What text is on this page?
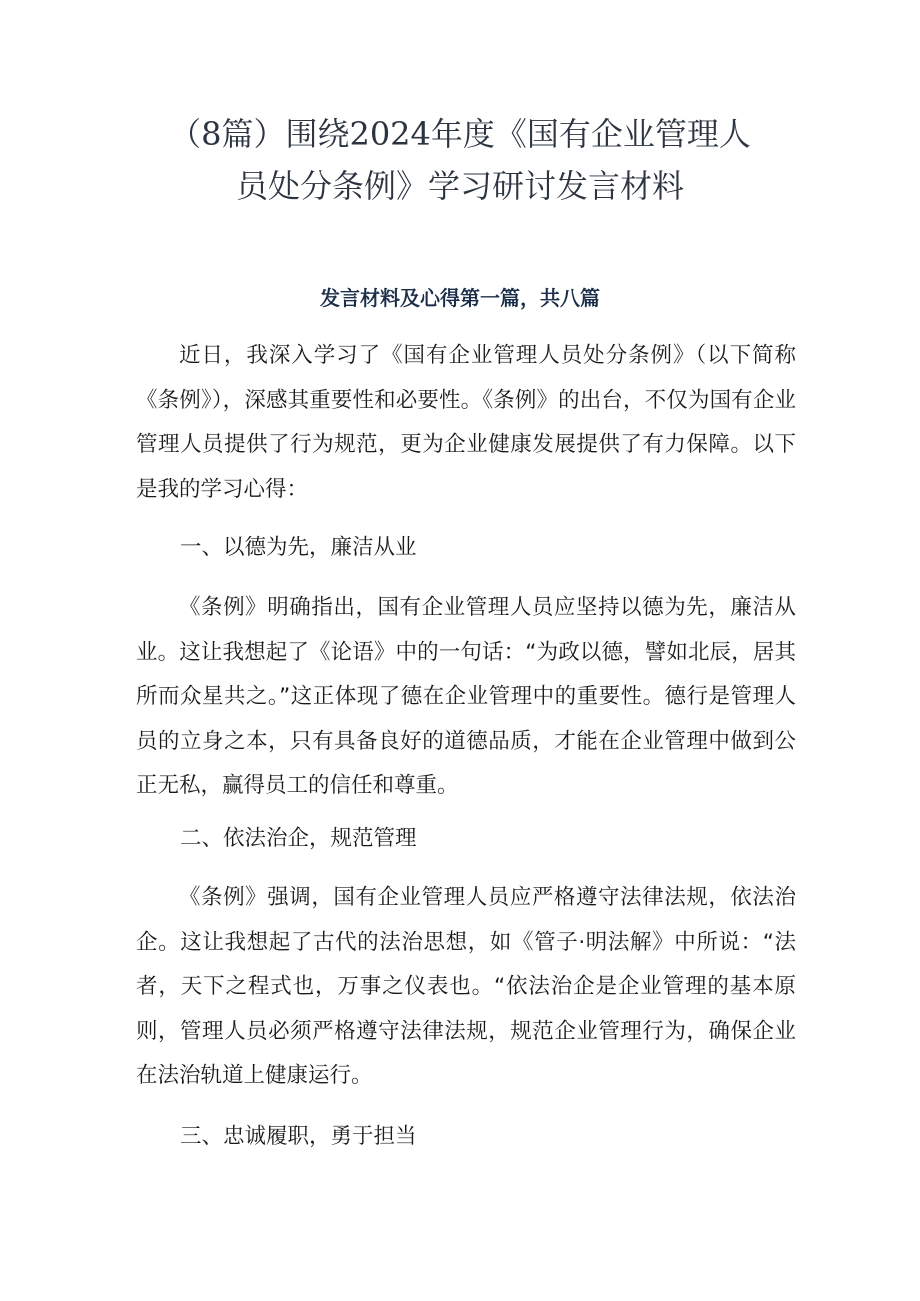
（8篇）围绕2024年度《国有企业管理人
员处分条例》学习研讨发言材料
发言材料及心得第一篇，共八篇

近日，我深入学习了《国有企业管理人员处分条例》（以下简称《条例》），深感其重要性和必要性。《条例》的出台，不仅为国有企业管理人员提供了行为规范，更为企业健康发展提供了有力保障。以下是我的学习心得：

一、以德为先，廉洁从业

《条例》明确指出，国有企业管理人员应坚持以德为先，廉洁从业。这让我想起了《论语》中的一句话：“为政以德，譬如北辰，居其所而众星共之。”这正体现了德在企业管理中的重要性。德行是管理人员的立身之本，只有具备良好的道德品质，才能在企业管理中做到公正无私，赢得员工的信任和尊重。

二、依法治企，规范管理

《条例》强调，国有企业管理人员应严格遵守法律法规，依法治企。这让我想起了古代的法治思想，如《管子·明法解》中所说：“法者，天下之程式也，万事之仪表也。“依法治企是企业管理的基本原则，管理人员必须严格遵守法律法规，规范企业管理行为，确保企业在法治轨道上健康运行。

三、忠诚履职，勇于担当
